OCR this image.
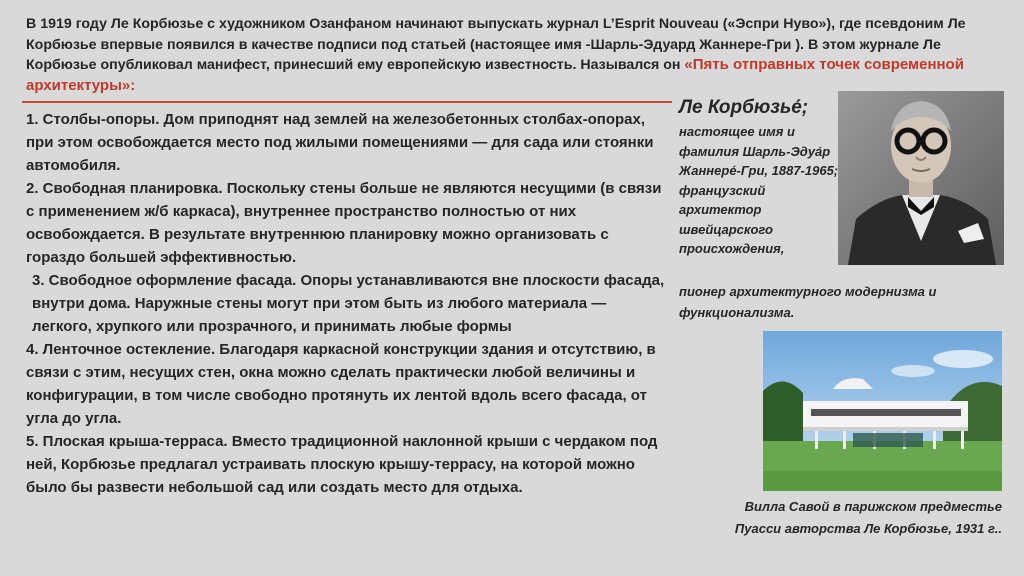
В 1919 году Ле Корбюзье с художником Озанфаном начинают выпускать журнал L’Esprit Nouveau («Эспри Нуво»), где псевдоним Ле Корбюзье впервые появился в качестве подписи под статьей (настоящее имя -Шарль-Эдуард Жаннере-Гри ). В этом журнале Ле Корбюзье опубликовал манифест, принесший ему европейскую известность. Назывался он «Пять отправных точек современной архитектуры»:

1. Столбы-опоры. Дом приподнят над землей на железобетонных столбах-опорах, при этом освобождается место под жилыми помещениями — для сада или стоянки автомобиля.

2. Свободная планировка. Поскольку стены больше не являются несущими (в связи с применением ж/б каркаса), внутреннее пространство полностью от них освобождается. В результате внутреннюю планировку можно организовать с гораздо большей эффективностью.

3. Свободное оформление фасада. Опоры устанавливаются вне плоскости фасада, внутри дома. Наружные стены могут при этом быть из любого материала — легкого, хрупкого или прозрачного, и принимать любые формы

4. Ленточное остекление. Благодаря каркасной конструкции здания и отсутствию, в связи с этим, несущих стен, окна можно сделать практически любой величины и конфигурации, в том числе свободно протянуть их лентой вдоль всего фасада, от угла до угла.

5. Плоская крыша-терраса. Вместо традиционной наклонной крыши с чердаком под ней, Корбюзье предлагал устраивать плоскую крышу-террасу, на которой можно было бы развести небольшой сад или создать место для отдыха.

Ле Корбюзье́;
настоящее имя и фамилия Шарль-Эдуа́р Жаннере́-Гри, 1887-1965; французский архитектор швейцарского происхождения,
пионер архитектурного модернизма и функционализма.
Вилла Савой в парижском предместье Пуасси авторства Ле Корбюзье, 1931 г..
